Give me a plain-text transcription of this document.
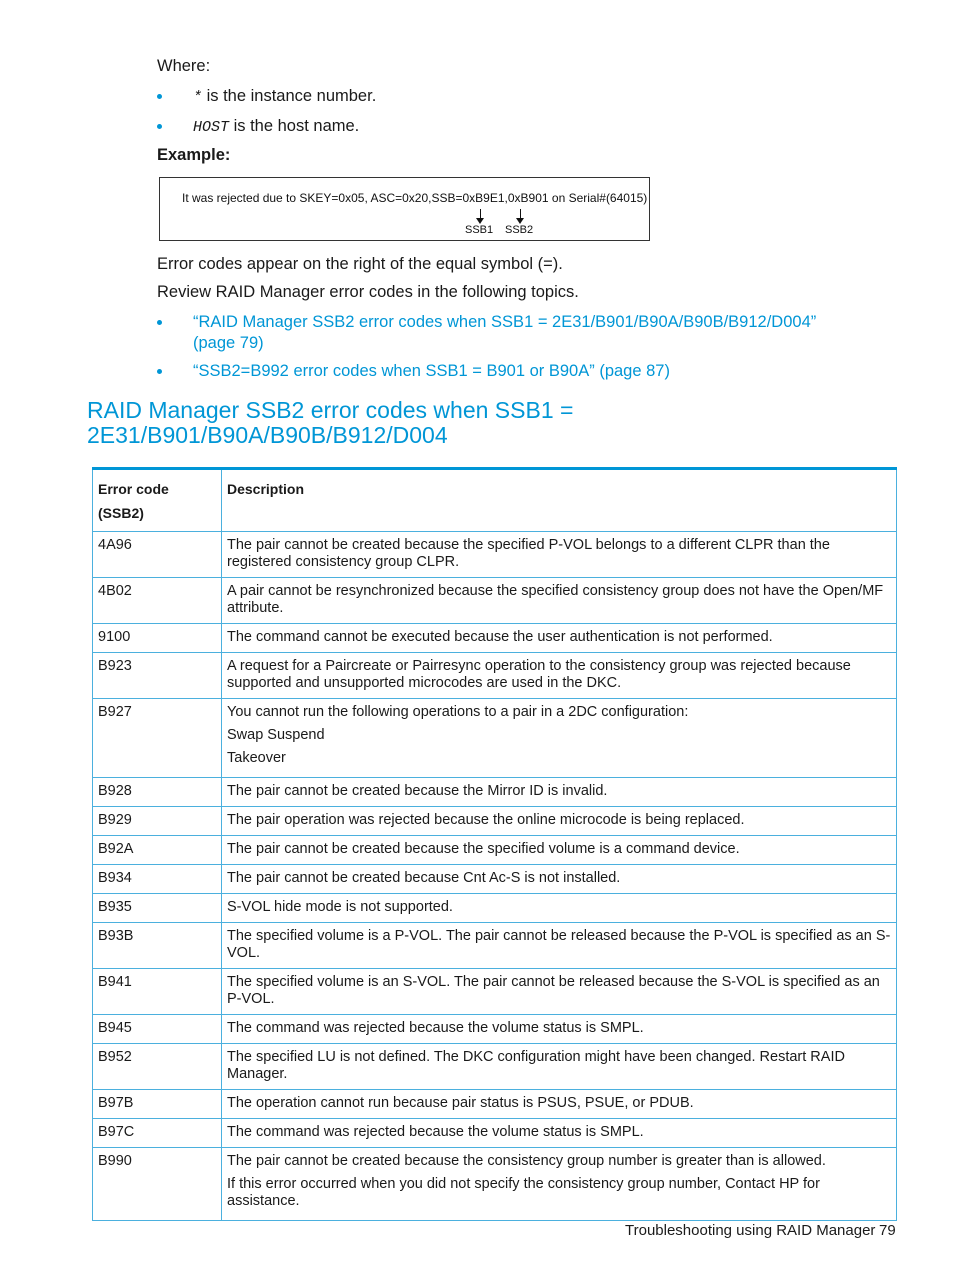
Where:
* is the instance number.
HOST is the host name.
Example:
It was rejected due to SKEY=0x05, ASC=0x20,SSB=0xB9E1,0xB901 on Serial#(64015)
SSB1 SSB2
Error codes appear on the right of the equal symbol (=).
Review RAID Manager error codes in the following topics.
“RAID Manager SSB2 error codes when SSB1 = 2E31/B901/B90A/B90B/B912/D004”
(page 79)
“SSB2=B992 error codes when SSB1 = B901 or B90A” (page 87)
RAID Manager SSB2 error codes when SSB1 =
2E31/B901/B90A/B90B/B912/D004
Error code
(SSB2)	Description
4A96	The pair cannot be created because the specified P-VOL belongs to a different CLPR than the registered consistency group CLPR.

4B02	A pair cannot be resynchronized because the specified consistency group does not have the Open/MF attribute.

9100	The command cannot be executed because the user authentication is not performed.

B923	A request for a Paircreate or Pairresync operation to the consistency group was rejected because supported and unsupported microcodes are used in the DKC.

B927	You cannot run the following operations to a pair in a 2DC configuration:

Swap Suspend

Takeover

B928	The pair cannot be created because the Mirror ID is invalid.

B929	The pair operation was rejected because the online microcode is being replaced.

B92A	The pair cannot be created because the specified volume is a command device.

B934	The pair cannot be created because Cnt Ac-S is not installed.

B935	S-VOL hide mode is not supported.

B93B	The specified volume is a P-VOL. The pair cannot be released because the P-VOL is specified as an S-VOL.

B941	The specified volume is an S-VOL. The pair cannot be released because the S-VOL is specified as an P-VOL.

B945	The command was rejected because the volume status is SMPL.

B952	The specified LU is not defined. The DKC configuration might have been changed. Restart RAID Manager.

B97B	The operation cannot run because pair status is PSUS, PSUE, or PDUB.

B97C	The command was rejected because the volume status is SMPL.

B990	The pair cannot be created because the consistency group number is greater than is allowed.

If this error occurred when you did not specify the consistency group number, Contact HP for assistance.

Troubleshooting using RAID Manager 79
